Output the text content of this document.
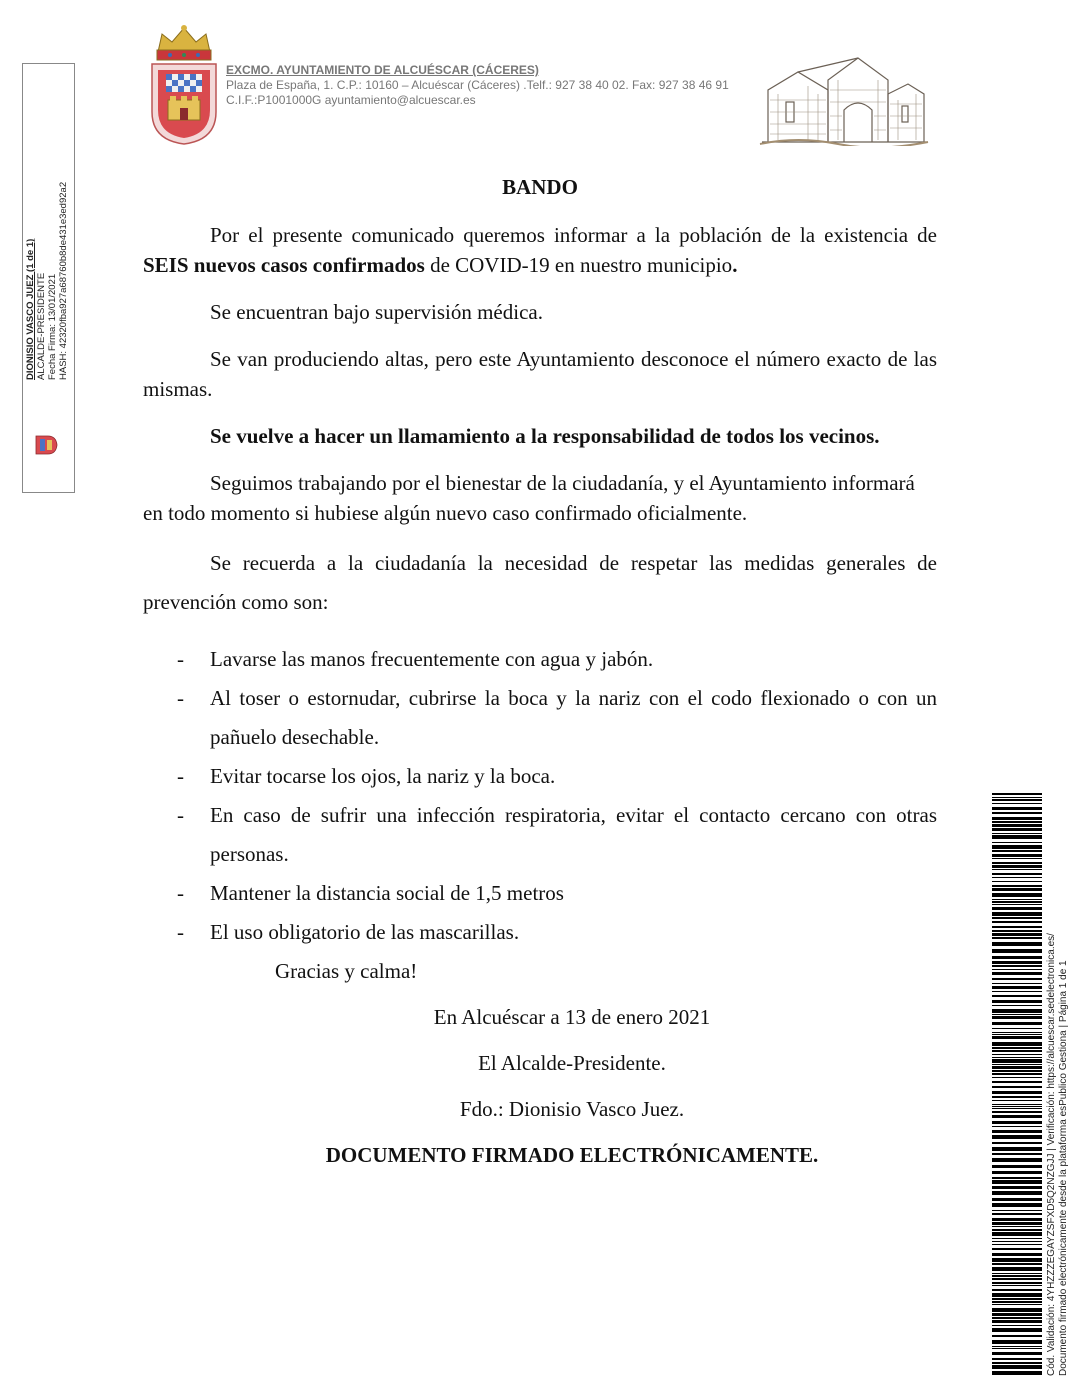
EXCMO. AYUNTAMIENTO DE ALCUÉSCAR (CÁCERES)
Plaza de España, 1. C.P.: 10160 – Alcuéscar (Cáceres) .Telf.: 927 38 40 02. Fax: 927 38 46 91
C.I.F.:P1001000G ayuntamiento@alcuescar.es
DIONISIO VASCO JUEZ (1 de 1) ALCALDE-PRESIDENTE Fecha Firma: 13/01/2021 HASH: 42320fba927a68760b8de431e3ed92a2	BANDO

Por el presente comunicado queremos informar a la población de la existencia de SEIS nuevos casos confirmados de COVID-19 en nuestro municipio.

Se encuentran bajo supervisión médica.

Se van produciendo altas, pero este Ayuntamiento desconoce el número exacto de las mismas.

Se vuelve a hacer un llamamiento a la responsabilidad de todos los vecinos.

Seguimos trabajando por el bienestar de la ciudadanía, y el Ayuntamiento informará en todo momento si hubiese algún nuevo caso confirmado oficialmente.

Se recuerda a la ciudadanía la necesidad de respetar las medidas generales de prevención como son:

- Lavarse las manos frecuentemente con agua y jabón.
- Al toser o estornudar, cubrirse la boca y la nariz con el codo flexionado o con un pañuelo desechable.
- Evitar tocarse los ojos, la nariz y la boca.
- En caso de sufrir una infección respiratoria, evitar el contacto cercano con otras personas.
- Mantener la distancia social de 1,5 metros
- El uso obligatorio de las mascarillas.
Gracias y calma!
En Alcuéscar a 13 de enero 2021
El Alcalde-Presidente.
Fdo.: Dionisio Vasco Juez.
DOCUMENTO FIRMADO ELECTRÓNICAMENTE.	Cód. Validación: 4YHZZZEGAYZSFXD5Q2NZGJJ | Verificación: https://alcuescar.sedelectronica.es/ Documento firmado electrónicamente desde la plataforma esPublico Gestiona | Página 1 de 1
